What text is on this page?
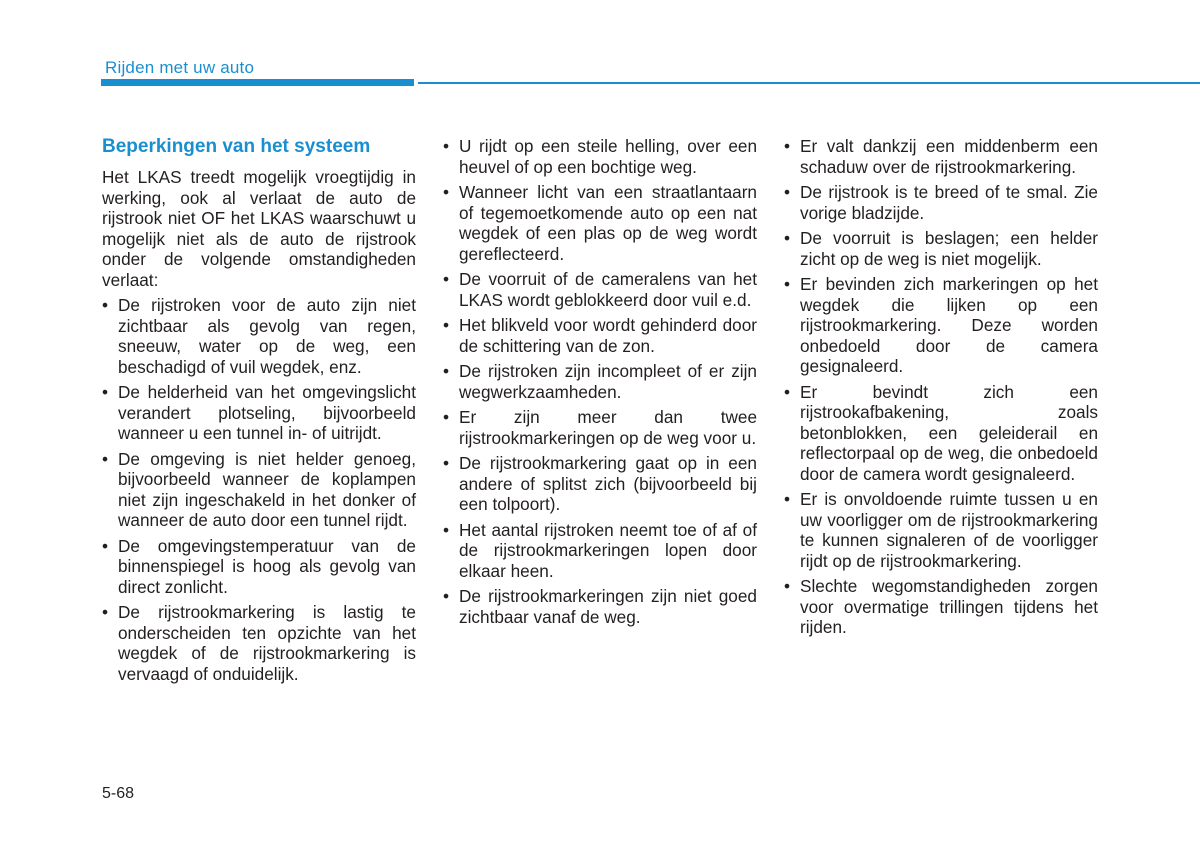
Rijden met uw auto
Beperkingen van het systeem

Het LKAS treedt mogelijk vroegtijdig in werking, ook al verlaat de auto de rijstrook niet OF het LKAS waarschuwt u mogelijk niet als de auto de rijstrook onder de volgende omstandigheden verlaat:

• De rijstroken voor de auto zijn niet zichtbaar als gevolg van regen, sneeuw, water op de weg, een beschadigd of vuil wegdek, enz.
• De helderheid van het omgevingslicht verandert plotseling, bijvoorbeeld wanneer u een tunnel in- of uitrijdt.
• De omgeving is niet helder genoeg, bijvoorbeeld wanneer de koplampen niet zijn ingeschakeld in het donker of wanneer de auto door een tunnel rijdt.
• De omgevingstemperatuur van de binnenspiegel is hoog als gevolg van direct zonlicht.
• De rijstrookmarkering is lastig te onderscheiden ten opzichte van het wegdek of de rijstrookmarkering is vervaagd of onduidelijk.
• U rijdt op een steile helling, over een heuvel of op een bochtige weg.
• Wanneer licht van een straatlantaarn of tegemoetkomende auto op een nat wegdek of een plas op de weg wordt gereflecteerd.
• De voorruit of de cameralens van het LKAS wordt geblokkeerd door vuil e.d.
• Het blikveld voor wordt gehinderd door de schittering van de zon.
• De rijstroken zijn incompleet of er zijn wegwerkzaamheden.
• Er zijn meer dan twee rijstrookmarkeringen op de weg voor u.
• De rijstrookmarkering gaat op in een andere of splitst zich (bijvoorbeeld bij een tolpoort).
• Het aantal rijstroken neemt toe of af of de rijstrookmarkeringen lopen door elkaar heen.
• De rijstrookmarkeringen zijn niet goed zichtbaar vanaf de weg.
• Er valt dankzij een middenberm een schaduw over de rijstrookmarkering.
• De rijstrook is te breed of te smal. Zie vorige bladzijde.
• De voorruit is beslagen; een helder zicht op de weg is niet mogelijk.
• Er bevinden zich markeringen op het wegdek die lijken op een rijstrookmarkering. Deze worden onbedoeld door de camera gesignaleerd.
• Er bevindt zich een rijstrookafbakening, zoals betonblokken, een geleiderail en reflectorpaal op de weg, die onbedoeld door de camera wordt gesignaleerd.
• Er is onvoldoende ruimte tussen u en uw voorligger om de rijstrookmarkering te kunnen signaleren of de voorligger rijdt op de rijstrookmarkering.
• Slechte wegomstandigheden zorgen voor overmatige trillingen tijdens het rijden.
5-68
